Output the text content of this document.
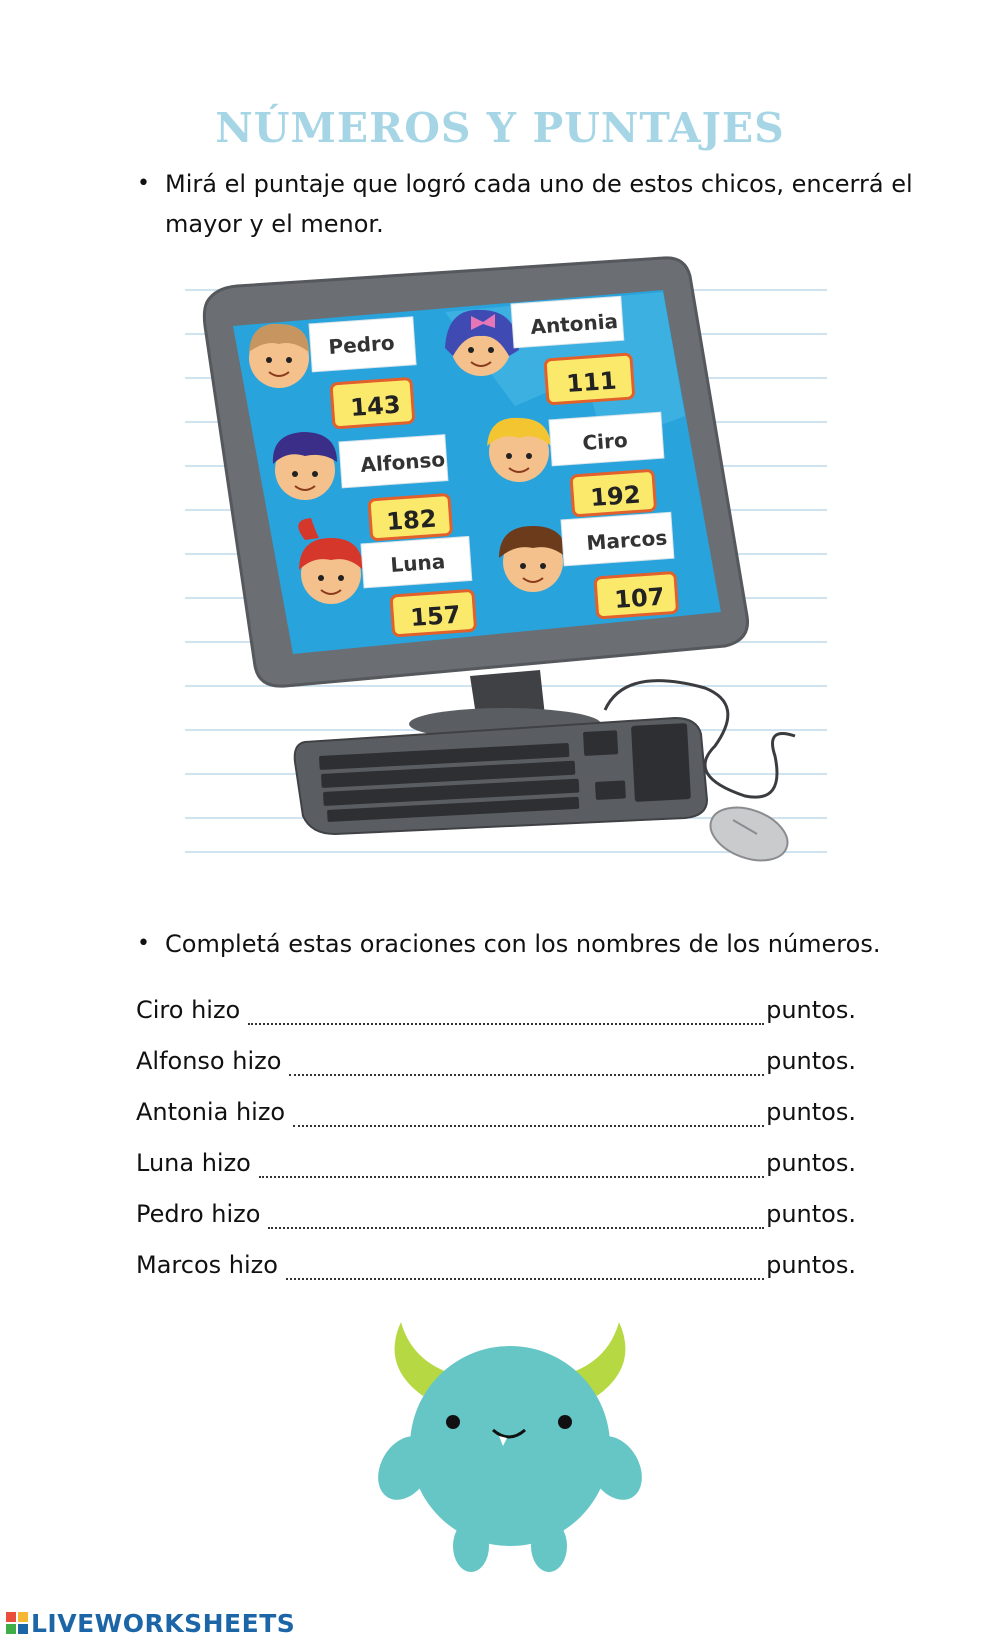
NÚMEROS Y PUNTAJES
• Mirá el puntaje que logró cada uno de estos chicos, encerrá el mayor y el menor.
Pedro
Antonia
Alfonso
Ciro
Luna
Marcos
143
111
182
192
157
107
• Completá estas oraciones con los nombres de los números.
Ciro hizo	puntos.
Alfonso hizo	puntos.
Antonia hizo	puntos.
Luna hizo	puntos.
Pedro hizo	puntos.
Marcos hizo	puntos.
LIVEWORKSHEETS
